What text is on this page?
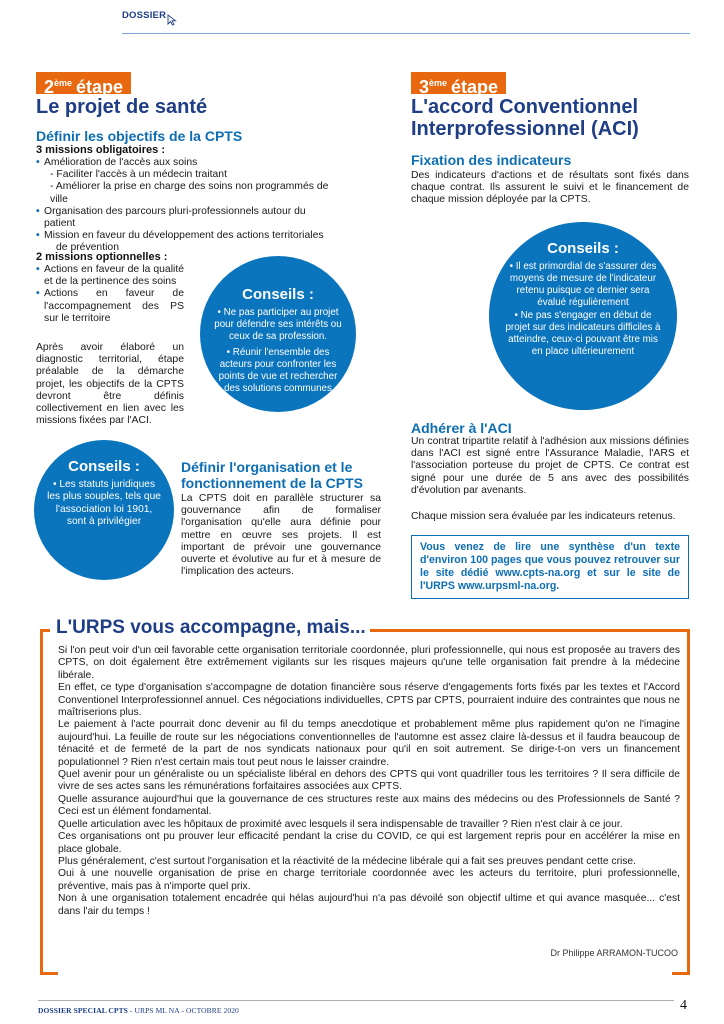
DOSSIER
2ème étape
Le projet de santé
Définir les objectifs de la CPTS
3 missions obligatoires :
• Amélioration de l'accès aux soins
- Faciliter l'accès à un médecin traitant
- Améliorer la prise en charge des soins non programmés de ville
• Organisation des parcours pluri-professionnels autour du patient
• Mission en faveur du développement des actions territoriales
de prévention
2 missions optionnelles :
• Actions en faveur de la qualité et de la pertinence des soins
• Actions en faveur de l'accompagnement des PS sur le territoire
Après avoir élaboré un diagnostic territorial, étape préalable de la démarche projet, les objectifs de la CPTS devront être définis collectivement en lien avec les missions fixées par l'ACI.
Conseils :

• Ne pas participer au projet pour défendre ses intérêts ou ceux de sa profession.

• Réunir l'ensemble des acteurs pour confronter les points de vue et rechercher des solutions communes

Conseils :

• Les statuts juridiques les plus souples, tels que l'association loi 1901, sont à privilégier

Définir l'organisation et le fonctionnement de la CPTS
La CPTS doit en parallèle structurer sa gouvernance afin de formaliser l'organisation qu'elle aura définie pour mettre en œuvre ses projets. Il est important de prévoir une gouvernance ouverte et évolutive au fur et à mesure de l'implication des acteurs.
3ème étape
L'accord Conventionnel
Interprofessionnel (ACI)
Fixation des indicateurs
Des indicateurs d'actions et de résultats sont fixés dans chaque contrat. Ils assurent le suivi et le financement de chaque mission déployée par la CPTS.
Conseils :

• Il est primordial de s'assurer des moyens de mesure de l'indicateur retenu puisque ce dernier sera évalué régulièrement

• Ne pas s'engager en début de projet sur des indicateurs difficiles à atteindre, ceux-ci pouvant être mis en place ultérieurement

Adhérer à l'ACI
Un contrat tripartite relatif à l'adhésion aux missions définies dans l'ACI est signé entre l'Assurance Maladie, l'ARS et l'association porteuse du projet de CPTS. Ce contrat est signé pour une durée de 5 ans avec des possibilités d'évolution par avenants.
Chaque mission sera évaluée par les indicateurs retenus.
Vous venez de lire une synthèse d'un texte d'environ 100 pages que vous pouvez retrouver sur le site dédié www.cpts-na.org et sur le site de l'URPS www.urpsml-na.org.
L'URPS vous accompagne, mais...

Si l'on peut voir d'un œil favorable cette organisation territoriale coordonnée, pluri professionnelle, qui nous est proposée au travers des CPTS, on doit également être extrêmement vigilants sur les risques majeurs qu'une telle organisation fait prendre à la médecine libérale.

En effet, ce type d'organisation s'accompagne de dotation financière sous réserve d'engagements forts fixés par les textes et l'Accord Conventionel Interprofessionnel annuel. Ces négociations individuelles, CPTS par CPTS, pourraient induire des contraintes que nous ne maîtriserions plus.

Le paiement à l'acte pourrait donc devenir au fil du temps anecdotique et probablement même plus rapidement qu'on ne l'imagine aujourd'hui. La feuille de route sur les négociations conventionnelles de l'automne est assez claire là-dessus et il faudra beaucoup de ténacité et de fermeté de la part de nos syndicats nationaux pour qu'il en soit autrement. Se dirige-t-on vers un financement populationnel ? Rien n'est certain mais tout peut nous le laisser craindre.

Quel avenir pour un généraliste ou un spécialiste libéral en dehors des CPTS qui vont quadriller tous les territoires ? Il sera difficile de vivre de ses actes sans les rémunérations forfaitaires associées aux CPTS.

Quelle assurance aujourd'hui que la gouvernance de ces structures reste aux mains des médecins ou des Professionnels de Santé ? Ceci est un élément fondamental.

Quelle articulation avec les hôpitaux de proximité avec lesquels il sera indispensable de travailler ? Rien n'est clair à ce jour.

Ces organisations ont pu prouver leur efficacité pendant la crise du COVID, ce qui est largement repris pour en accélérer la mise en place globale.

Plus généralement, c'est surtout l'organisation et la réactivité de la médecine libérale qui a fait ses preuves pendant cette crise.

Oui à une nouvelle organisation de prise en charge territoriale coordonnée avec les acteurs du territoire, pluri professionnelle, préventive, mais pas à n'importe quel prix.

Non à une organisation totalement encadrée qui hélas aujourd'hui n'a pas dévoilé son objectif ultime et qui avance masquée... c'est dans l'air du temps !

Dr Philippe ARRAMON-TUCOO
DOSSIER SPECIAL CPTS - URPS ML NA - OCTOBRE 2020	4
